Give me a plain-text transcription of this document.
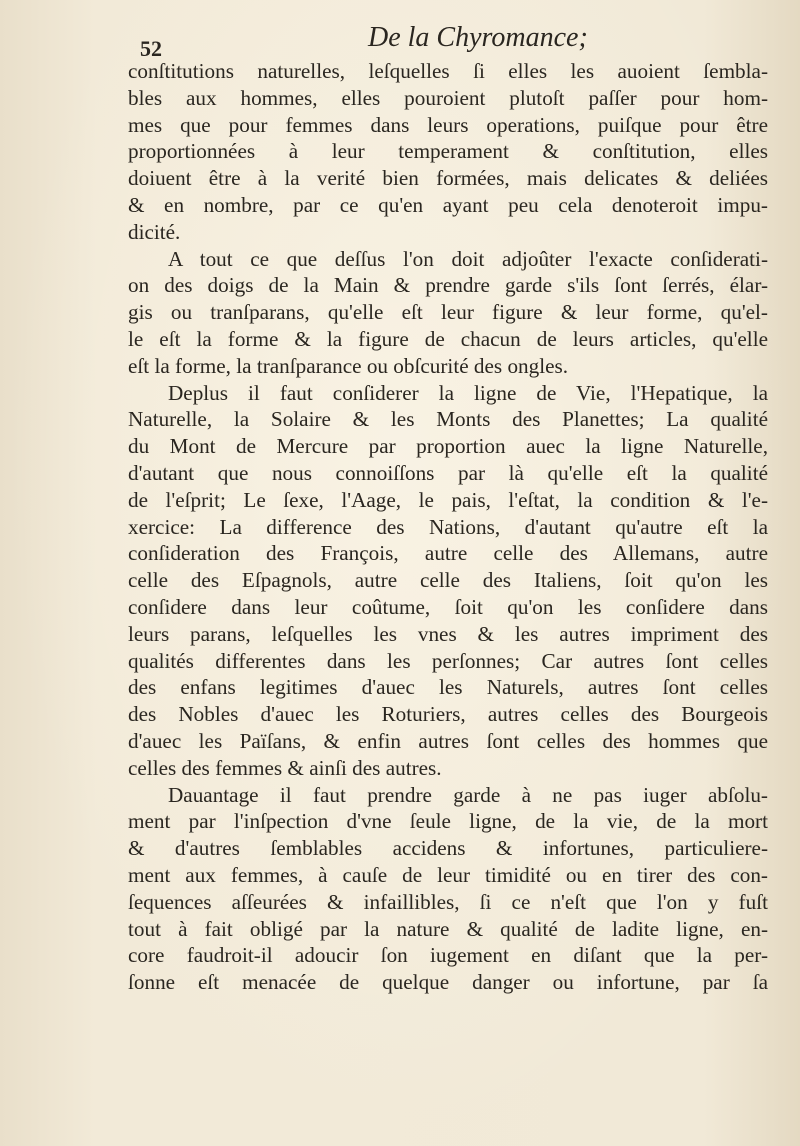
52	De la Chyromance;
conſtitutions naturelles, leſquelles ſi elles les auoient ſembla-
bles aux hommes, elles pouroient plutoſt paſſer pour hom-
mes que pour femmes dans leurs operations, puiſque pour être
proportionnées à leur temperament & conſtitution, elles
doiuent être à la verité bien formées, mais delicates & deliées
& en nombre, par ce qu'en ayant peu cela denoteroit impu-
dicité.
A tout ce que deſſus l'on doit adjoûter l'exacte conſiderati-
on des doigs de la Main & prendre garde s'ils ſont ſerrés, élar-
gis ou tranſparans, qu'elle eſt leur figure & leur forme, qu'el-
le eſt la forme & la figure de chacun de leurs articles, qu'elle
eſt la forme, la tranſparance ou obſcurité des ongles.
Deplus il faut conſiderer la ligne de Vie, l'Hepatique, la
Naturelle, la Solaire & les Monts des Planettes; La qualité
du Mont de Mercure par proportion auec la ligne Naturelle,
d'autant que nous connoiſſons par là qu'elle eſt la qualité
de l'eſprit; Le ſexe, l'Aage, le pais, l'eſtat, la condition & l'e-
xercice: La difference des Nations, d'autant qu'autre eſt la
conſideration des François, autre celle des Allemans, autre
celle des Eſpagnols, autre celle des Italiens, ſoit qu'on les
conſidere dans leur coûtume, ſoit qu'on les conſidere dans
leurs parans, leſquelles les vnes & les autres impriment des
qualités differentes dans les perſonnes; Car autres ſont celles
des enfans legitimes d'auec les Naturels, autres ſont celles
des Nobles d'auec les Roturiers, autres celles des Bourgeois
d'auec les Païſans, & enfin autres ſont celles des hommes que
celles des femmes & ainſi des autres.
Dauantage il faut prendre garde à ne pas iuger abſolu-
ment par l'inſpection d'vne ſeule ligne, de la vie, de la mort
& d'autres ſemblables accidens & infortunes, particuliere-
ment aux femmes, à cauſe de leur timidité ou en tirer des con-
ſequences aſſeurées & infaillibles, ſi ce n'eſt que l'on y fuſt
tout à fait obligé par la nature & qualité de ladite ligne, en-
core faudroit-il adoucir ſon iugement en diſant que la per-
ſonne eſt menacée de quelque danger ou infortune, par ſa
